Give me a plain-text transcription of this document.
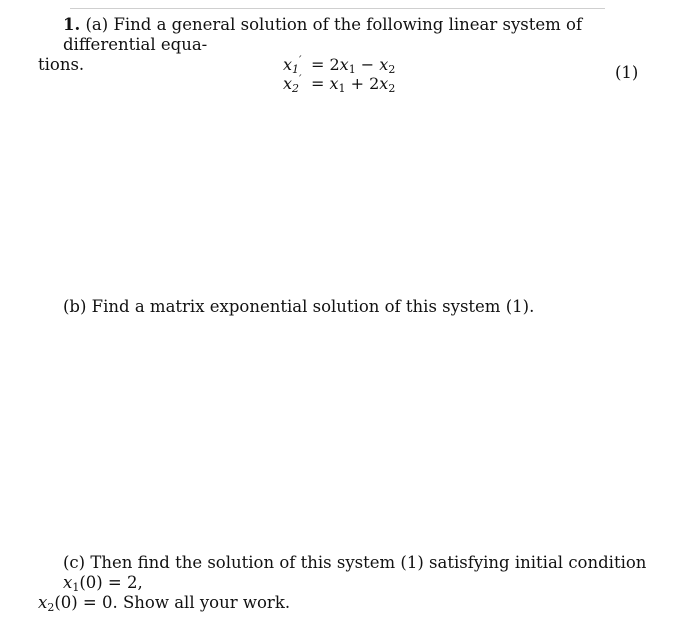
1. (a) Find a general solution of the following linear system of differential equa-
tions.	$x_1' = 2x_1 - x_2$
$x_2' = x_1 + 2x_2$
(1)
(b) Find a matrix exponential solution of this system (1).
(c) Then find the solution of this system (1) satisfying initial condition $x_1(0) = 2$,
$x_2(0) = 0$. Show all your work.
